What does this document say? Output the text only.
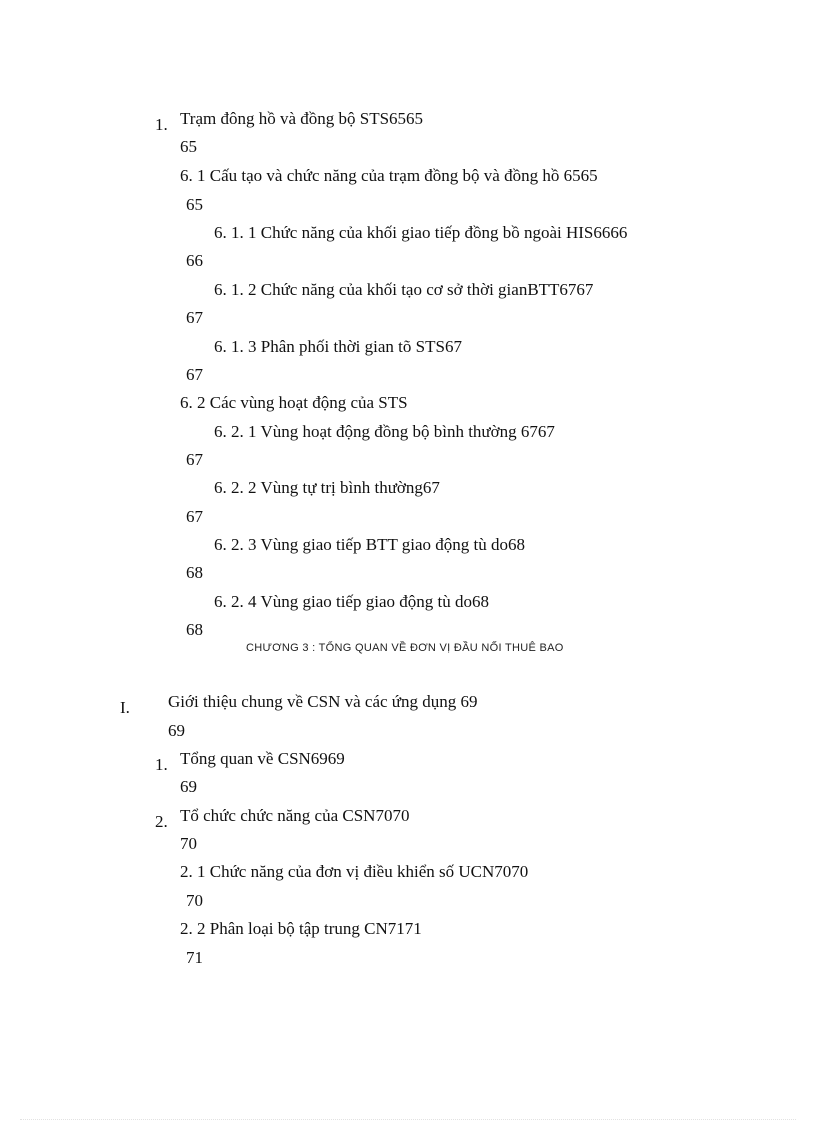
1. Trạm đông hồ và đồng bộ STS6565
65
6. 1 Cấu tạo và chức năng của trạm đồng bộ và đồng hồ 6565
65
6. 1. 1 Chức năng của khối giao tiếp đồng bồ ngoài HIS6666
66
6. 1. 2 Chức năng của khối tạo cơ sở thời gianBTT6767
67
6. 1. 3 Phân phối thời gian tõ STS67
67
6. 2 Các vùng hoạt động của STS
6. 2. 1 Vùng hoạt động đồng bộ bình thường 6767
67
6. 2. 2 Vùng tự trị bình thường67
67
6. 2. 3 Vùng giao tiếp BTT giao động tù do68
68
6. 2. 4 Vùng giao tiếp giao động tù do68
68
CHƯƠNG 3 : TỔNG QUAN VỀ ĐƠN VỊ ĐẦU NỐI THUÊ BAO
I. Giới thiệu chung về CSN và các ứng dụng 69
69
1. Tổng quan về CSN6969
69
2. Tổ chức chức năng của CSN7070
70
2. 1 Chức năng của đơn vị điều khiển số UCN7070
70
2. 2 Phân loại bộ tập trung CN7171
71
